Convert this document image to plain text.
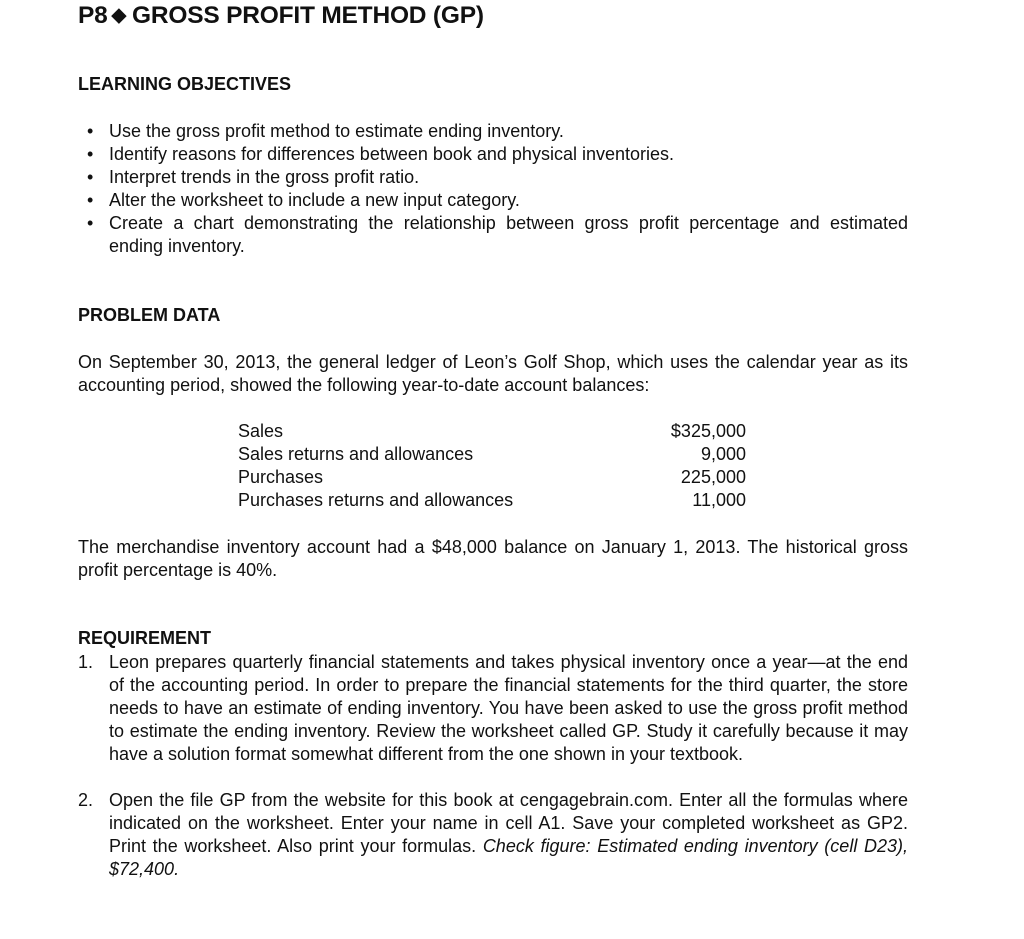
P8 ◆ GROSS PROFIT METHOD (GP)
LEARNING OBJECTIVES
• Use the gross profit method to estimate ending inventory.
• Identify reasons for differences between book and physical inventories.
• Interpret trends in the gross profit ratio.
• Alter the worksheet to include a new input category.
• Create a chart demonstrating the relationship between gross profit percentage and estimated ending inventory.
PROBLEM DATA
On September 30, 2013, the general ledger of Leon’s Golf Shop, which uses the calendar year as its accounting period, showed the following year-to-date account balances:
Sales	$325,000
Sales returns and allowances	9,000
Purchases	225,000
Purchases returns and allowances	11,000
The merchandise inventory account had a $48,000 balance on January 1, 2013. The historical gross profit percentage is 40%.
REQUIREMENT
1. Leon prepares quarterly financial statements and takes physical inventory once a year—at the end of the accounting period. In order to prepare the financial statements for the third quarter, the store needs to have an estimate of ending inventory. You have been asked to use the gross profit method to estimate the ending inventory. Review the worksheet called GP. Study it carefully because it may have a solution format somewhat different from the one shown in your textbook.
2. Open the file GP from the website for this book at cengagebrain.com. Enter all the formulas where indicated on the worksheet. Enter your name in cell A1. Save your completed worksheet as GP2. Print the worksheet. Also print your formulas. Check figure: Estimated ending inventory (cell D23), $72,400.
